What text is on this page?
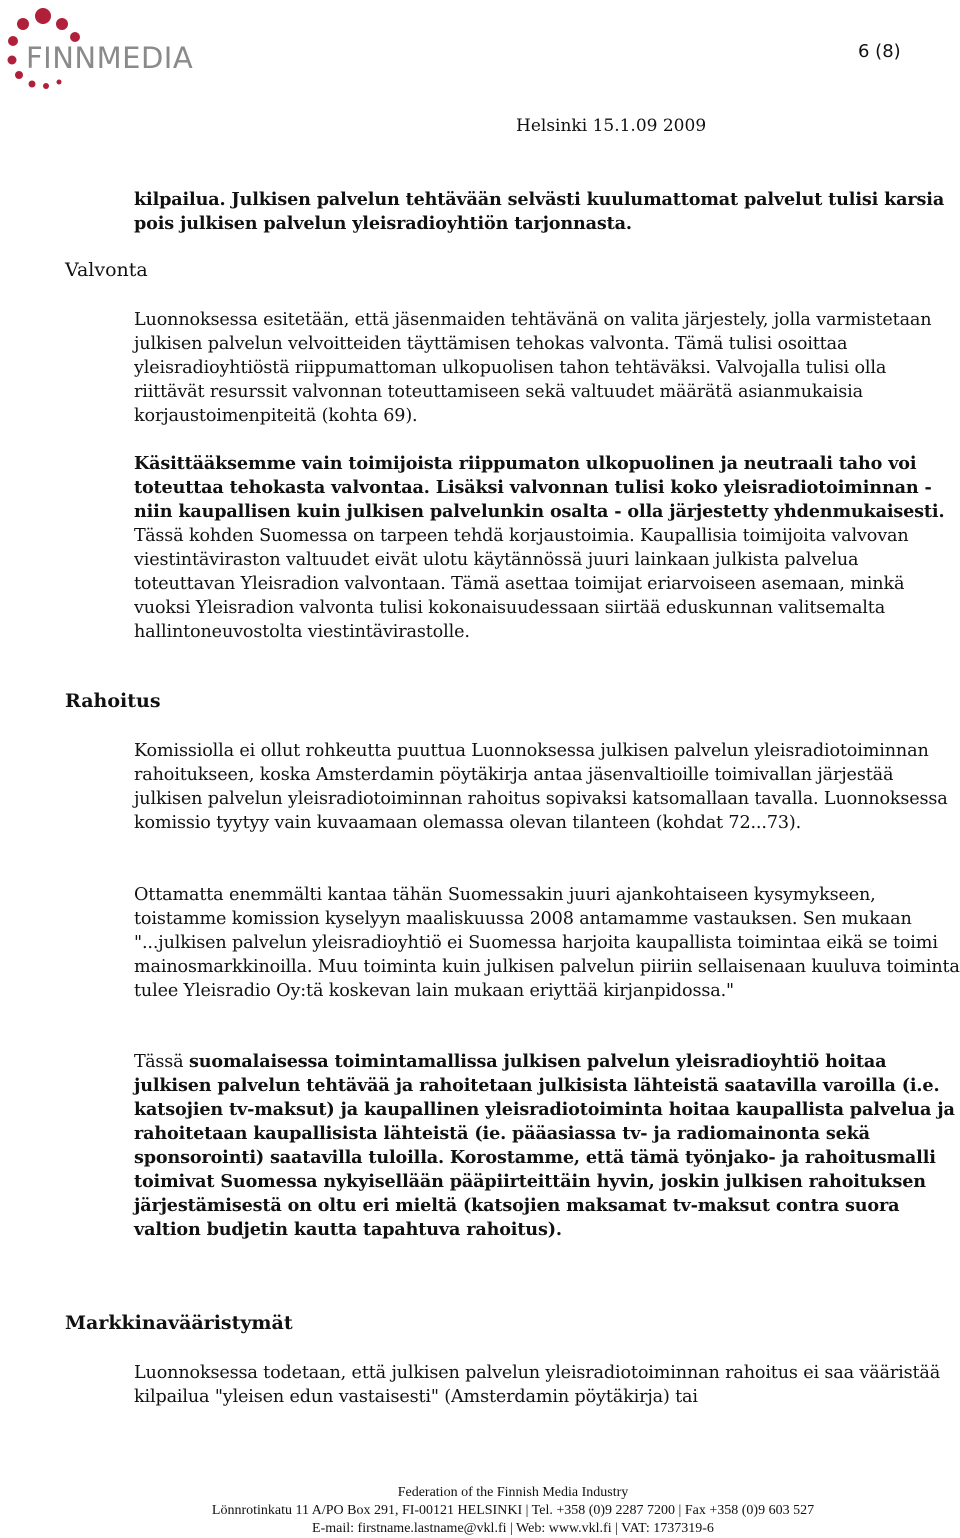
FINNMEDIA	6 (8)
Helsinki 15.1.09 2009
kilpailua. Julkisen palvelun tehtävään selvästi kuulumattomat palvelut tulisi karsia pois julkisen palvelun yleisradioyhtiön tarjonnasta.
Valvonta
Luonnoksessa esitetään, että jäsenmaiden tehtävänä on valita järjestely, jolla varmistetaan julkisen palvelun velvoitteiden täyttämisen tehokas valvonta. Tämä tulisi osoittaa yleisradioyhtiöstä riippumattoman ulkopuolisen tahon tehtäväksi. Valvojalla tulisi olla riittävät resurssit valvonnan toteuttamiseen sekä valtuudet määrätä asianmukaisia korjaustoimenpiteitä (kohta 69).
Käsittääksemme vain toimijoista riippumaton ulkopuolinen ja neutraali taho voi toteuttaa tehokasta valvontaa. Lisäksi valvonnan tulisi koko yleisradiotoiminnan - niin kaupallisen kuin julkisen palvelunkin osalta - olla järjestetty yhdenmukaisesti. Tässä kohden Suomessa on tarpeen tehdä korjaustoimia. Kaupallisia toimijoita valvovan viestintäviraston valtuudet eivät ulotu käytännössä juuri lainkaan julkista palvelua toteuttavan Yleisradion valvontaan. Tämä asettaa toimijat eriarvoiseen asemaan, minkä vuoksi Yleisradion valvonta tulisi kokonaisuudessaan siirtää eduskunnan valitsemalta hallintoneuvostolta viestintävirastolle.
Rahoitus
Komissiolla ei ollut rohkeutta puuttua Luonnoksessa julkisen palvelun yleisradiotoiminnan rahoitukseen, koska Amsterdamin pöytäkirja antaa jäsenvaltioille toimivallan järjestää julkisen palvelun yleisradiotoiminnan rahoitus sopivaksi katsomallaan tavalla. Luonnoksessa komissio tyytyy vain kuvaamaan olemassa olevan tilanteen (kohdat 72...73).
Ottamatta enemmälti kantaa tähän Suomessakin juuri ajankohtaiseen kysymykseen, toistamme komission kyselyyn maaliskuussa 2008 antamamme vastauksen. Sen mukaan "...julkisen palvelun yleisradioyhtiö ei Suomessa harjoita kaupallista toimintaa eikä se toimi mainosmarkkinoilla. Muu toiminta kuin julkisen palvelun piiriin sellaisenaan kuuluva toiminta tulee Yleisradio Oy:tä koskevan lain mukaan eriyttää kirjanpidossa."
Tässä suomalaisessa toimintamallissa julkisen palvelun yleisradioyhtiö hoitaa julkisen palvelun tehtävää ja rahoitetaan julkisista lähteistä saatavilla varoilla (i.e. katsojien tv-maksut) ja kaupallinen yleisradiotoiminta hoitaa kaupallista palvelua ja rahoitetaan kaupallisista lähteistä (ie. pääasiassa tv- ja radiomainonta sekä sponsorointi) saatavilla tuloilla. Korostamme, että tämä työnjako- ja rahoitusmalli toimivat Suomessa nykyisellään pääpiirteittäin hyvin, joskin julkisen rahoituksen järjestämisestä on oltu eri mieltä (katsojien maksamat tv-maksut contra suora valtion budjetin kautta tapahtuva rahoitus).
Markkinavääristymät
Luonnoksessa todetaan, että julkisen palvelun yleisradiotoiminnan rahoitus ei saa vääristää kilpailua "yleisen edun vastaisesti" (Amsterdamin pöytäkirja) tai
Federation of the Finnish Media Industry
Lönnrotinkatu 11 A/PO Box 291, FI-00121 HELSINKI | Tel. +358 (0)9 2287 7200 | Fax +358 (0)9 603 527
E-mail: firstname.lastname@vkl.fi | Web: www.vkl.fi | VAT: 1737319-6
